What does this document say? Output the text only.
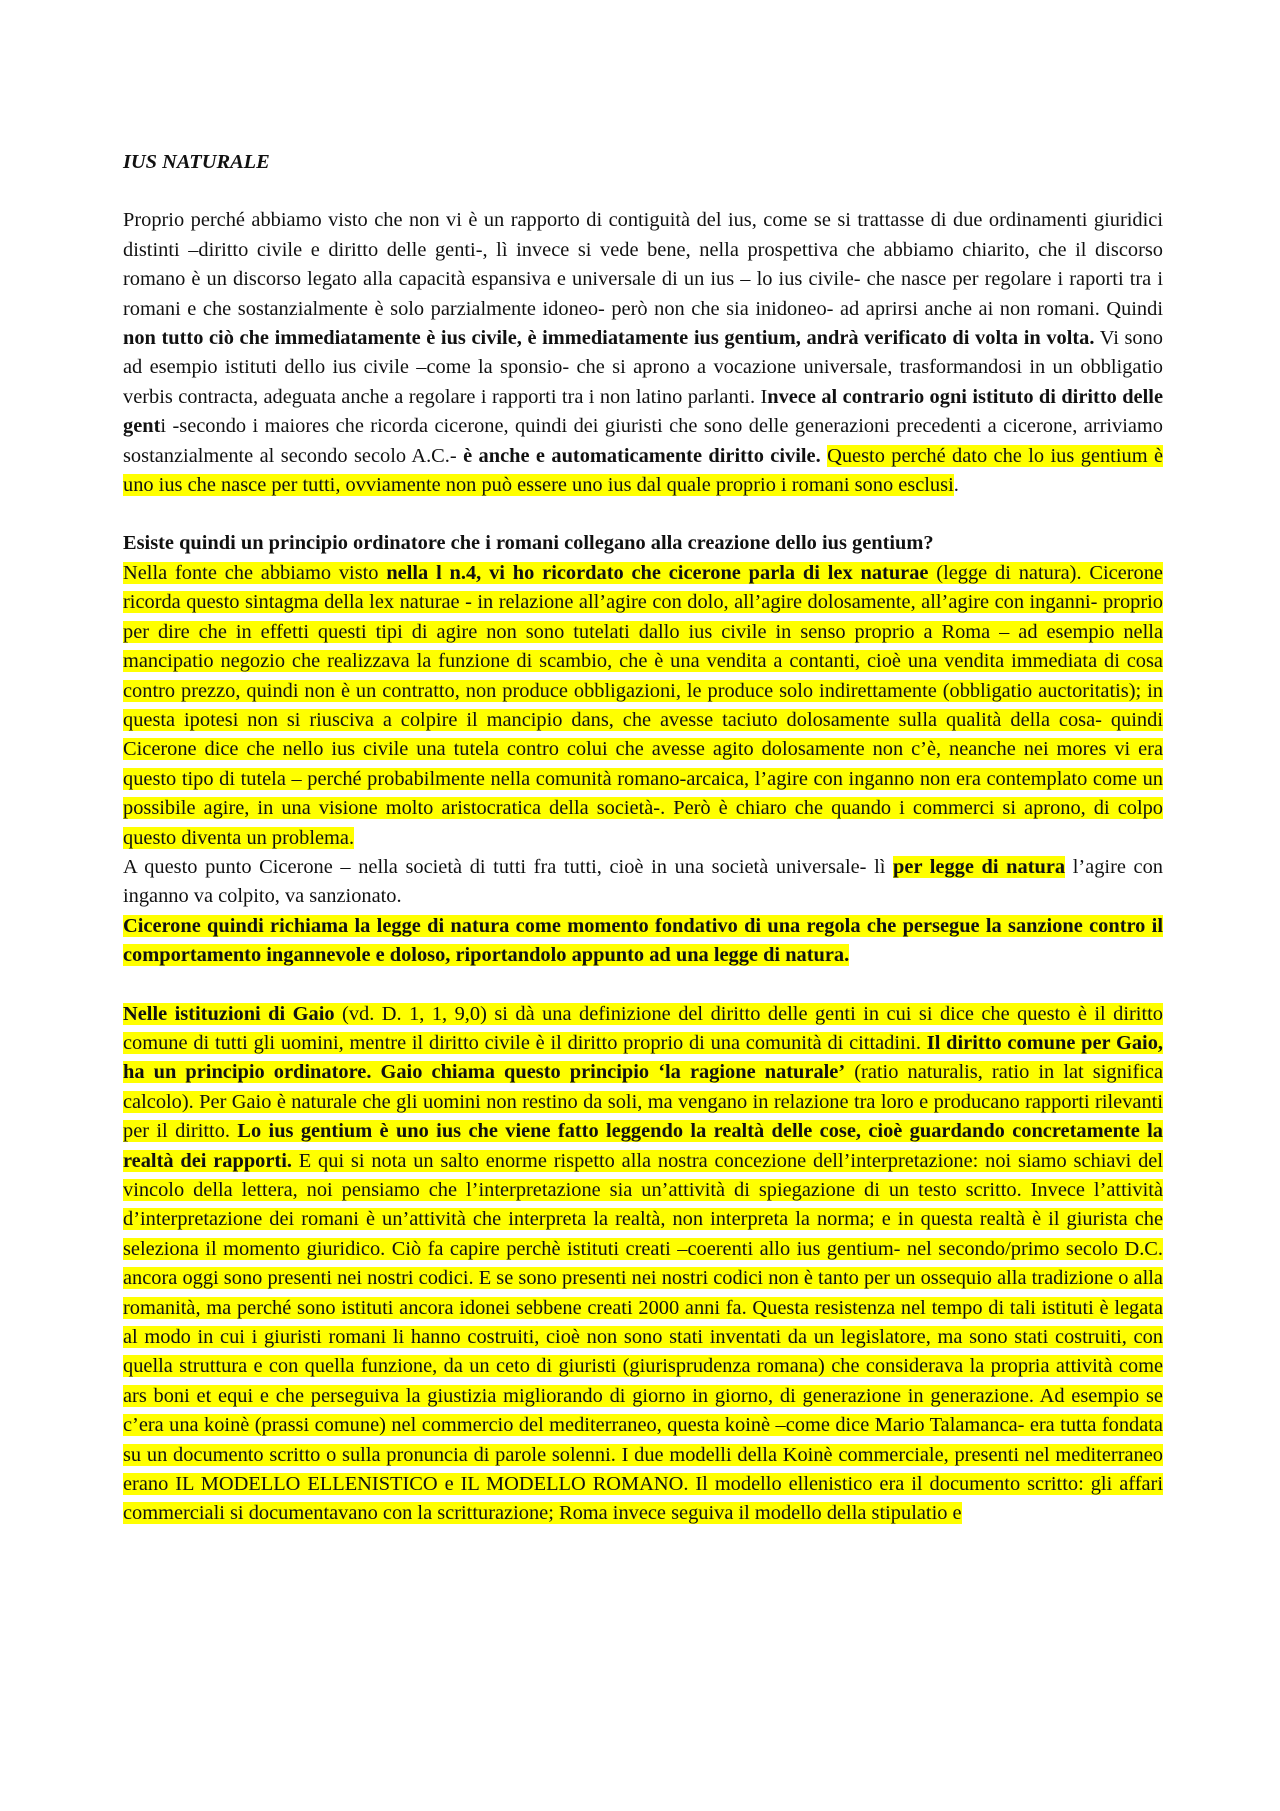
IUS NATURALE

Proprio perché abbiamo visto che non vi è un rapporto di contiguità del ius, come se si trattasse di due ordinamenti giuridici distinti –diritto civile e diritto delle genti-, lì invece si vede bene, nella prospettiva che abbiamo chiarito, che il discorso romano è un discorso legato alla capacità espansiva e universale di un ius – lo ius civile- che nasce per regolare i raporti tra i romani e che sostanzialmente è solo parzialmente idoneo- però non che sia inidoneo- ad aprirsi anche ai non romani. Quindi non tutto ciò che immediatamente è ius civile, è immediatamente ius gentium, andrà verificato di volta in volta. Vi sono ad esempio istituti dello ius civile –come la sponsio- che si aprono a vocazione universale, trasformandosi in un obbligatio verbis contracta, adeguata anche a regolare i rapporti tra i non latino parlanti. Invece al contrario ogni istituto di diritto delle genti -secondo i maiores che ricorda cicerone, quindi dei giuristi che sono delle generazioni precedenti a cicerone, arriviamo sostanzialmente al secondo secolo A.C.- è anche e automaticamente diritto civile. Questo perché dato che lo ius gentium è uno ius che nasce per tutti, ovviamente non può essere uno ius dal quale proprio i romani sono esclusi.

Esiste quindi un principio ordinatore che i romani collegano alla creazione dello ius gentium?

Nella fonte che abbiamo visto nella l n.4, vi ho ricordato che cicerone parla di lex naturae (legge di natura). Cicerone ricorda questo sintagma della lex naturae - in relazione all’agire con dolo, all’agire dolosamente, all’agire con inganni- proprio per dire che in effetti questi tipi di agire non sono tutelati dallo ius civile in senso proprio a Roma – ad esempio nella mancipatio negozio che realizzava la funzione di scambio, che è una vendita a contanti, cioè una vendita immediata di cosa contro prezzo, quindi non è un contratto, non produce obbligazioni, le produce solo indirettamente (obbligatio auctoritatis); in questa ipotesi non si riusciva a colpire il mancipio dans, che avesse taciuto dolosamente sulla qualità della cosa- quindi Cicerone dice che nello ius civile una tutela contro colui che avesse agito dolosamente non c’è, neanche nei mores vi era questo tipo di tutela – perché probabilmente nella comunità romano-arcaica, l’agire con inganno non era contemplato come un possibile agire, in una visione molto aristocratica della società-. Però è chiaro che quando i commerci si aprono, di colpo questo diventa un problema.

A questo punto Cicerone – nella società di tutti fra tutti, cioè in una società universale- lì per legge di natura l’agire con inganno va colpito, va sanzionato.

Cicerone quindi richiama la legge di natura come momento fondativo di una regola che persegue la sanzione contro il comportamento ingannevole e doloso, riportandolo appunto ad una legge di natura.

Nelle istituzioni di Gaio (vd. D. 1, 1, 9,0) si dà una definizione del diritto delle genti in cui si dice che questo è il diritto comune di tutti gli uomini, mentre il diritto civile è il diritto proprio di una comunità di cittadini. Il diritto comune per Gaio, ha un principio ordinatore. Gaio chiama questo principio ‘la ragione naturale’ (ratio naturalis, ratio in lat significa calcolo). Per Gaio è naturale che gli uomini non restino da soli, ma vengano in relazione tra loro e producano rapporti rilevanti per il diritto. Lo ius gentium è uno ius che viene fatto leggendo la realtà delle cose, cioè guardando concretamente la realtà dei rapporti. E qui si nota un salto enorme rispetto alla nostra concezione dell’interpretazione: noi siamo schiavi del vincolo della lettera, noi pensiamo che l’interpretazione sia un’attività di spiegazione di un testo scritto. Invece l’attività d’interpretazione dei romani è un’attività che interpreta la realtà, non interpreta la norma; e in questa realtà è il giurista che seleziona il momento giuridico. Ciò fa capire perchè istituti creati –coerenti allo ius gentium- nel secondo/primo secolo D.C. ancora oggi sono presenti nei nostri codici. E se sono presenti nei nostri codici non è tanto per un ossequio alla tradizione o alla romanità, ma perché sono istituti ancora idonei sebbene creati 2000 anni fa. Questa resistenza nel tempo di tali istituti è legata al modo in cui i giuristi romani li hanno costruiti, cioè non sono stati inventati da un legislatore, ma sono stati costruiti, con quella struttura e con quella funzione, da un ceto di giuristi (giurisprudenza romana) che considerava la propria attività come ars boni et equi e che perseguiva la giustizia migliorando di giorno in giorno, di generazione in generazione. Ad esempio se c’era una koinè (prassi comune) nel commercio del mediterraneo, questa koinè –come dice Mario Talamanca- era tutta fondata su un documento scritto o sulla pronuncia di parole solenni. I due modelli della Koinè commerciale, presenti nel mediterraneo erano IL MODELLO ELLENISTICO e IL MODELLO ROMANO. Il modello ellenistico era il documento scritto: gli affari commerciali si documentavano con la scritturazione; Roma invece seguiva il modello della stipulatio e
